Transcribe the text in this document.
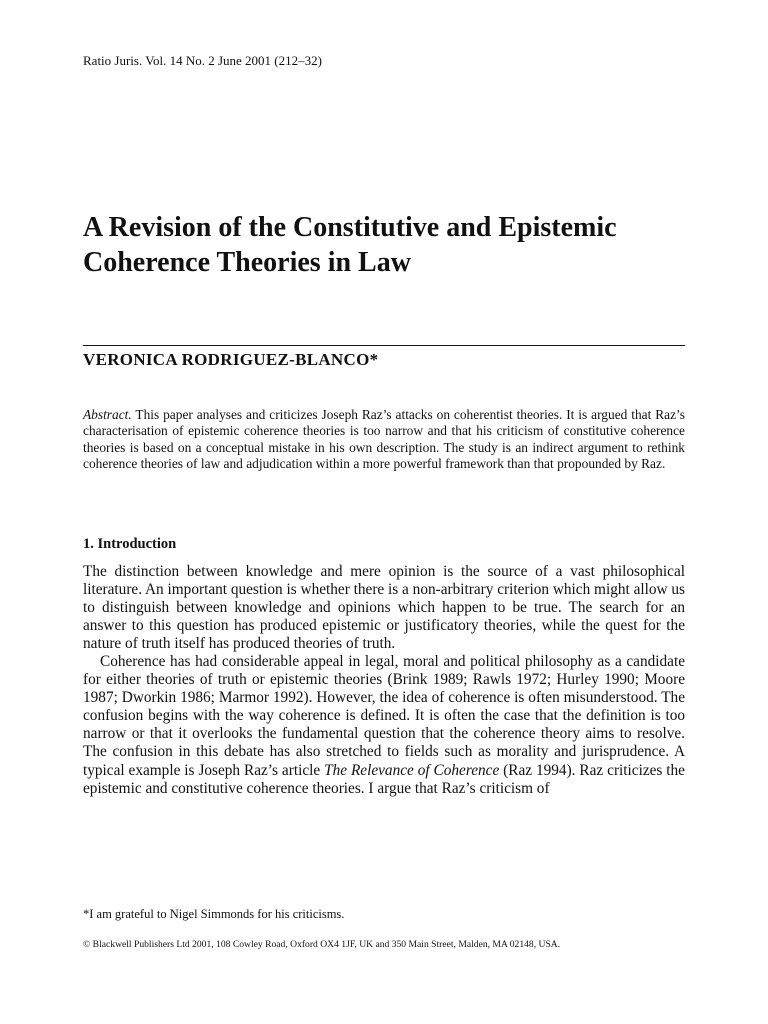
Ratio Juris. Vol. 14 No. 2 June 2001 (212–32)
A Revision of the Constitutive and Epistemic Coherence Theories in Law
VERONICA RODRIGUEZ-BLANCO*

Abstract. This paper analyses and criticizes Joseph Raz’s attacks on coherentist theories. It is argued that Raz’s characterisation of epistemic coherence theories is too narrow and that his criticism of constitutive coherence theories is based on a conceptual mistake in his own description. The study is an indirect argument to rethink coherence theories of law and adjudication within a more powerful framework than that propounded by Raz.

1. Introduction

The distinction between knowledge and mere opinion is the source of a vast philosophical literature. An important question is whether there is a non-arbitrary criterion which might allow us to distinguish between knowledge and opinions which happen to be true. The search for an answer to this question has produced epistemic or justificatory theories, while the quest for the nature of truth itself has produced theories of truth.

Coherence has had considerable appeal in legal, moral and political philosophy as a candidate for either theories of truth or epistemic theories (Brink 1989; Rawls 1972; Hurley 1990; Moore 1987; Dworkin 1986; Marmor 1992). However, the idea of coherence is often misunderstood. The confusion begins with the way coherence is defined. It is often the case that the definition is too narrow or that it overlooks the fundamental question that the coherence theory aims to resolve. The confusion in this debate has also stretched to fields such as morality and jurisprudence. A typical example is Joseph Raz’s article The Relevance of Coherence (Raz 1994). Raz criticizes the epistemic and constitutive coherence theories. I argue that Raz’s criticism of

*I am grateful to Nigel Simmonds for his criticisms.
© Blackwell Publishers Ltd 2001, 108 Cowley Road, Oxford OX4 1JF, UK and 350 Main Street, Malden, MA 02148, USA.
